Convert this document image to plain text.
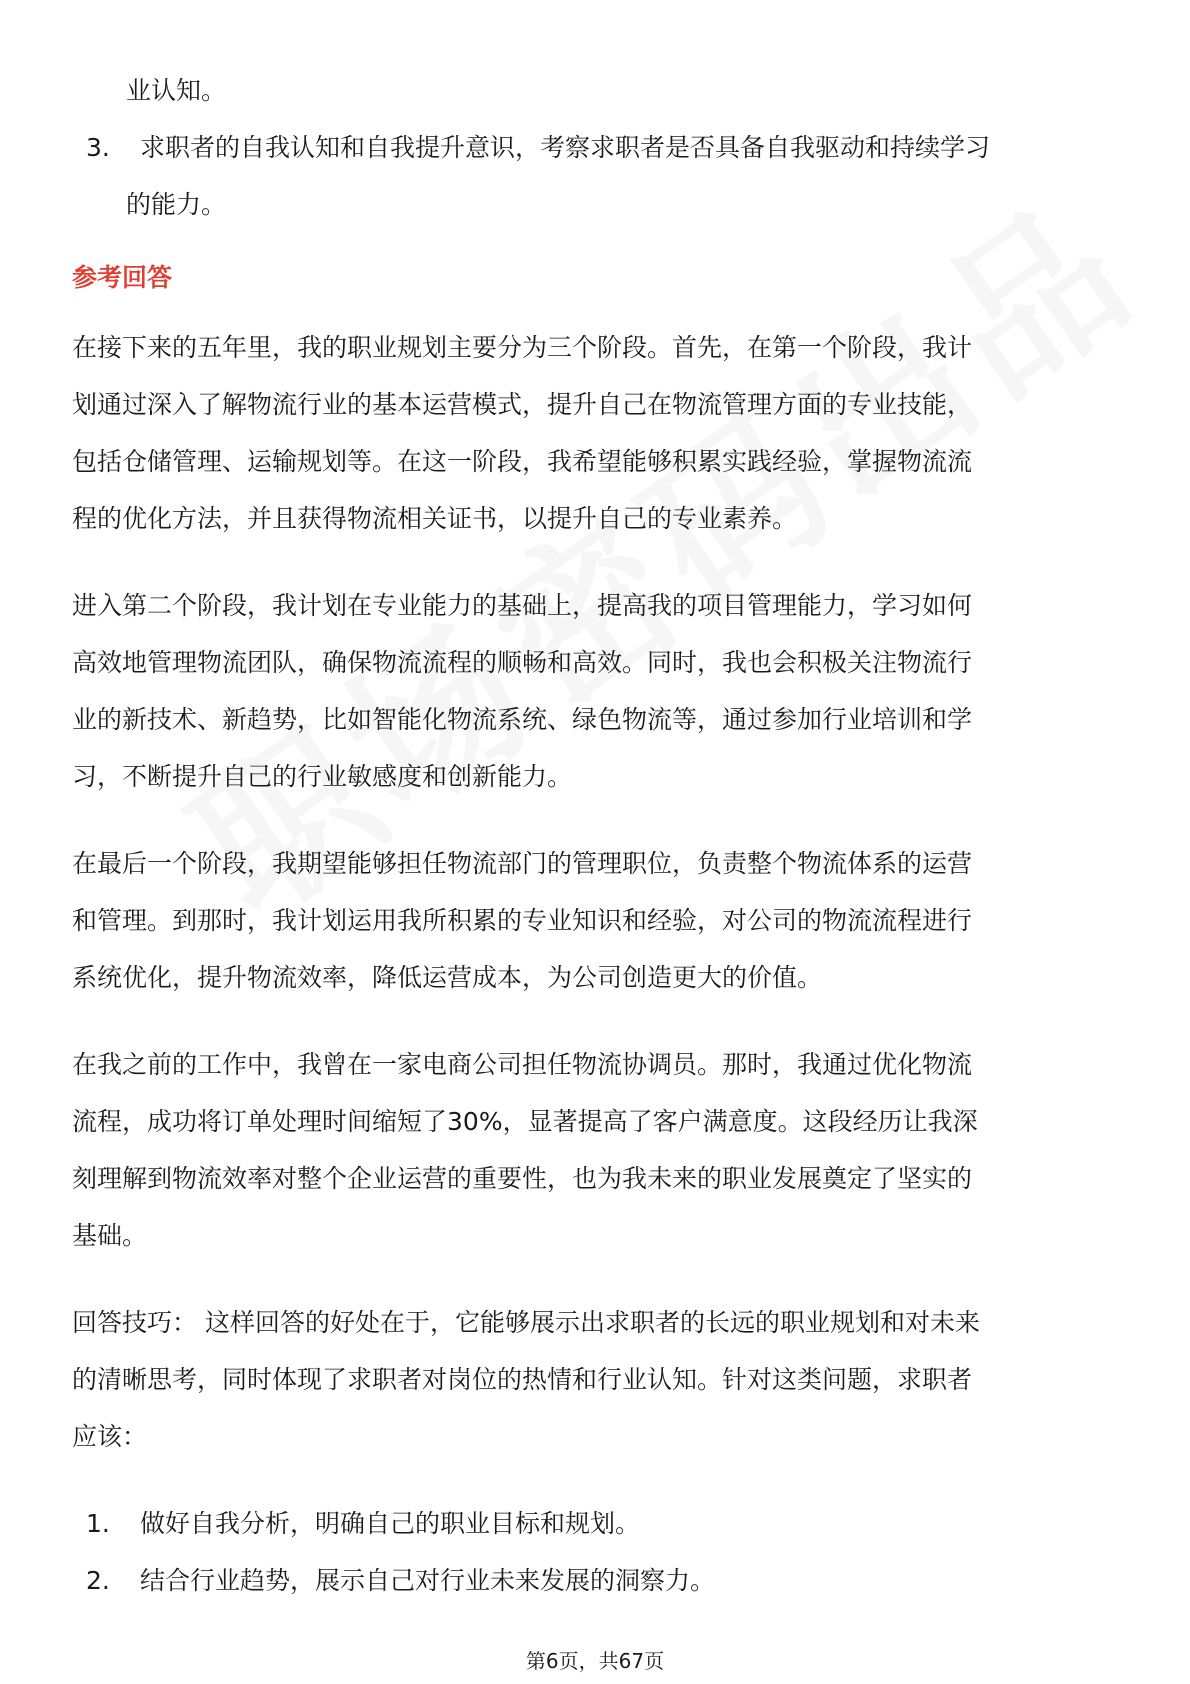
业认知。

3.	求职者的自我认知和自我提升意识，考察求职者是否具备自我驱动和持续学习

的能力。

参考回答

在接下来的五年里，我的职业规划主要分为三个阶段。首先，在第一个阶段，我计

划通过深入了解物流行业的基本运营模式，提升自己在物流管理方面的专业技能，

包括仓储管理、运输规划等。在这一阶段，我希望能够积累实践经验，掌握物流流

程的优化方法，并且获得物流相关证书，以提升自己的专业素养。

进入第二个阶段，我计划在专业能力的基础上，提高我的项目管理能力，学习如何

高效地管理物流团队，确保物流流程的顺畅和高效。同时，我也会积极关注物流行

业的新技术、新趋势，比如智能化物流系统、绿色物流等，通过参加行业培训和学

习，不断提升自己的行业敏感度和创新能力。

在最后一个阶段，我期望能够担任物流部门的管理职位，负责整个物流体系的运营

和管理。到那时，我计划运用我所积累的专业知识和经验，对公司的物流流程进行

系统优化，提升物流效率，降低运营成本，为公司创造更大的价值。

在我之前的工作中，我曾在一家电商公司担任物流协调员。那时，我通过优化物流

流程，成功将订单处理时间缩短了30%，显著提高了客户满意度。这段经历让我深

刻理解到物流效率对整个企业运营的重要性，也为我未来的职业发展奠定了坚实的

基础。

回答技巧： 这样回答的好处在于，它能够展示出求职者的长远的职业规划和对未来

的清晰思考，同时体现了求职者对岗位的热情和行业认知。针对这类问题，求职者

应该：

1.	做好自我分析，明确自己的职业目标和规划。
2.	结合行业趋势，展示自己对行业未来发展的洞察力。
第6页，共67页
